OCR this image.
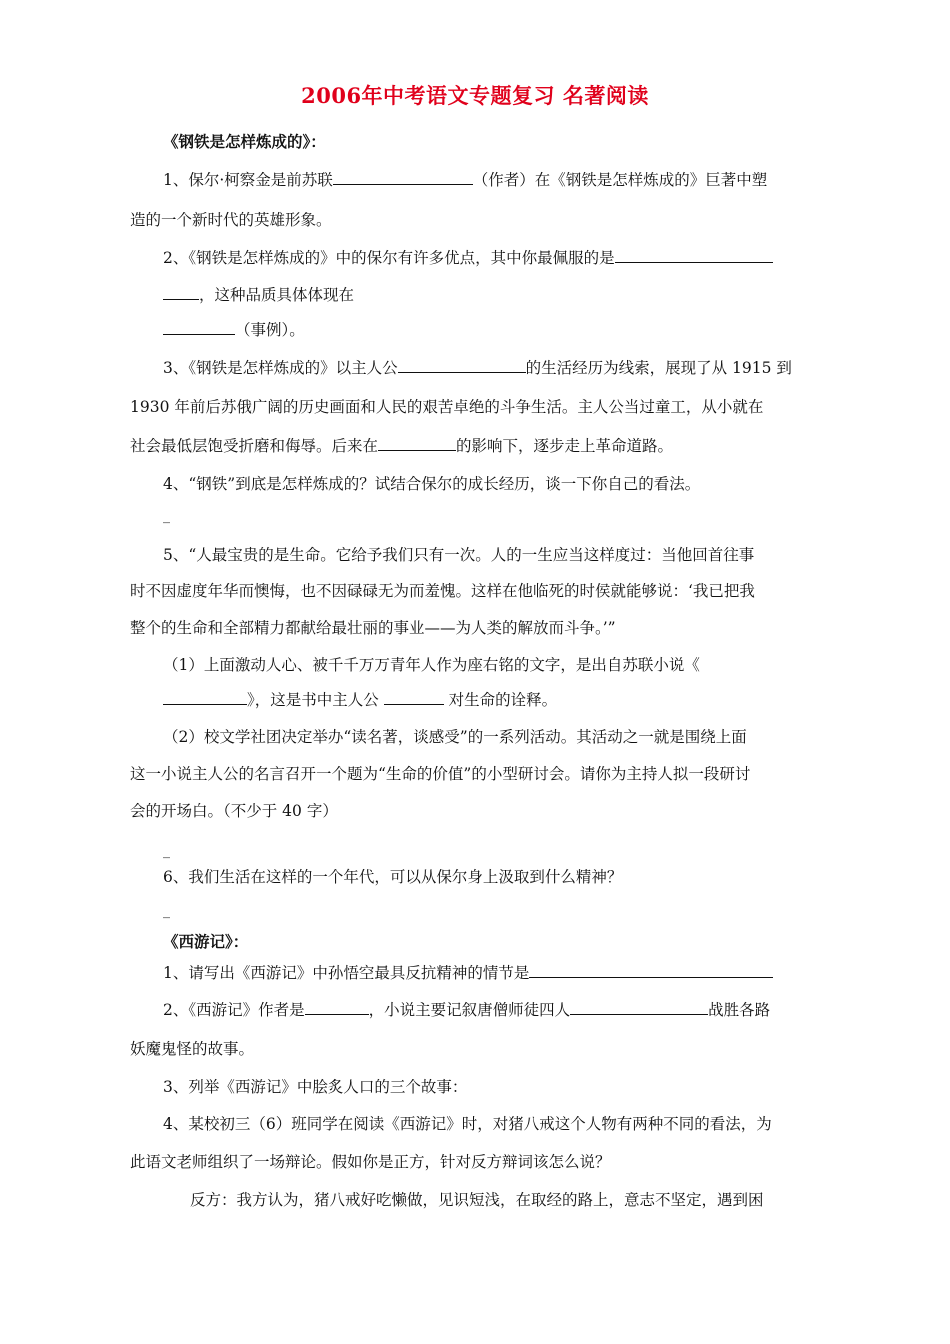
2006年中考语文专题复习 名著阅读
《钢铁是怎样炼成的》：
1、保尔·柯察金是前苏联	（作者）在《钢铁是怎样炼成的》巨著中塑
造的一个新时代的英雄形象。
2、《钢铁是怎样炼成的》中的保尔有许多优点，其中你最佩服的是
，这种品质具体体现在
（事例）。
3、《钢铁是怎样炼成的》以主人公	的生活经历为线索，展现了从 1915 到
1930 年前后苏俄广阔的历史画面和人民的艰苦卓绝的斗争生活。主人公当过童工，从小就在
社会最低层饱受折磨和侮辱。后来在	的影响下，逐步走上革命道路。
4、“钢铁”到底是怎样炼成的？试结合保尔的成长经历，谈一下你自己的看法。
_
5、“人最宝贵的是生命。它给予我们只有一次。人的一生应当这样度过：当他回首往事
时不因虚度年华而懊悔，也不因碌碌无为而羞愧。这样在他临死的时侯就能够说：‘我已把我
整个的生命和全部精力都献给最壮丽的事业——为人类的解放而斗争。’”
（1）上面激动人心、被千千万万青年人作为座右铭的文字，是出自苏联小说《
》，这是书中主人公	对生命的诠释。
（2）校文学社团决定举办“读名著，谈感受”的一系列活动。其活动之一就是围绕上面
这一小说主人公的名言召开一个题为“生命的价值”的小型研讨会。请你为主持人拟一段研讨
会的开场白。（不少于 40 字）
_
6、我们生活在这样的一个年代，可以从保尔身上汲取到什么精神？
_
《西游记》：
1、请写出《西游记》中孙悟空最具反抗精神的情节是
2、《西游记》作者是	，小说主要记叙唐僧师徒四人	战胜各路
妖魔鬼怪的故事。
3、列举《西游记》中脍炙人口的三个故事：
4、某校初三（6）班同学在阅读《西游记》时，对猪八戒这个人物有两种不同的看法，为
此语文老师组织了一场辩论。假如你是正方，针对反方辩词该怎么说？
反方：我方认为，猪八戒好吃懒做，见识短浅，在取经的路上，意志不坚定，遇到困
